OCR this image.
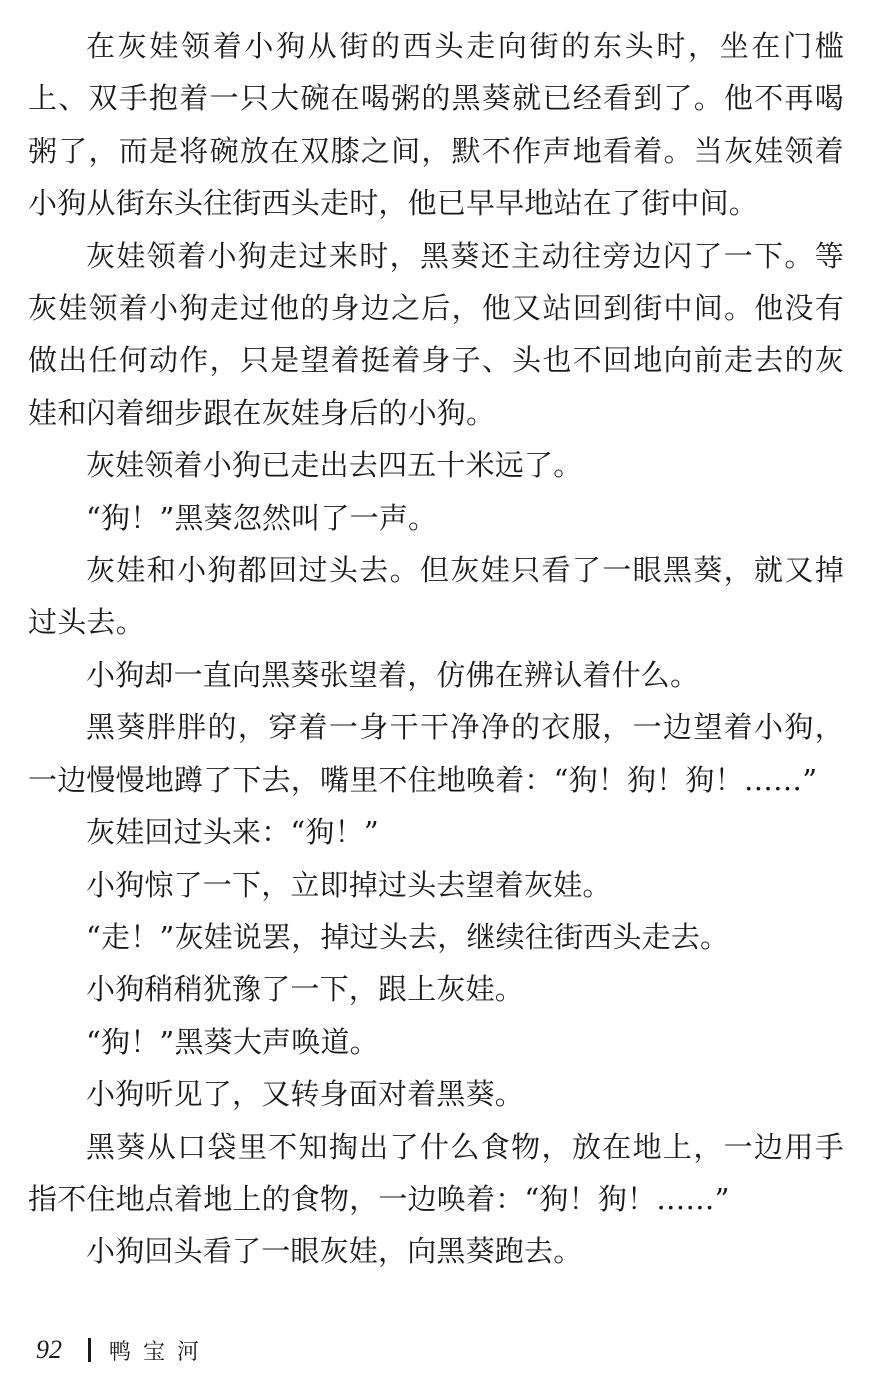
在灰娃领着小狗从街的西头走向街的东头时，坐在门槛上、双手抱着一只大碗在喝粥的黑葵就已经看到了。他不再喝粥了，而是将碗放在双膝之间，默不作声地看着。当灰娃领着小狗从街东头往街西头走时，他已早早地站在了街中间。

灰娃领着小狗走过来时，黑葵还主动往旁边闪了一下。等灰娃领着小狗走过他的身边之后，他又站回到街中间。他没有做出任何动作，只是望着挺着身子、头也不回地向前走去的灰娃和闪着细步跟在灰娃身后的小狗。

灰娃领着小狗已走出去四五十米远了。

“狗！”黑葵忽然叫了一声。

灰娃和小狗都回过头去。但灰娃只看了一眼黑葵，就又掉过头去。

小狗却一直向黑葵张望着，仿佛在辨认着什么。

黑葵胖胖的，穿着一身干干净净的衣服，一边望着小狗，一边慢慢地蹲了下去，嘴里不住地唤着：“狗！狗！狗！……”

灰娃回过头来：“狗！”

小狗惊了一下，立即掉过头去望着灰娃。

“走！”灰娃说罢，掉过头去，继续往街西头走去。

小狗稍稍犹豫了一下，跟上灰娃。

“狗！”黑葵大声唤道。

小狗听见了，又转身面对着黑葵。

黑葵从口袋里不知掏出了什么食物，放在地上，一边用手指不住地点着地上的食物，一边唤着：“狗！狗！……”

小狗回头看了一眼灰娃，向黑葵跑去。

92 鸭宝河
